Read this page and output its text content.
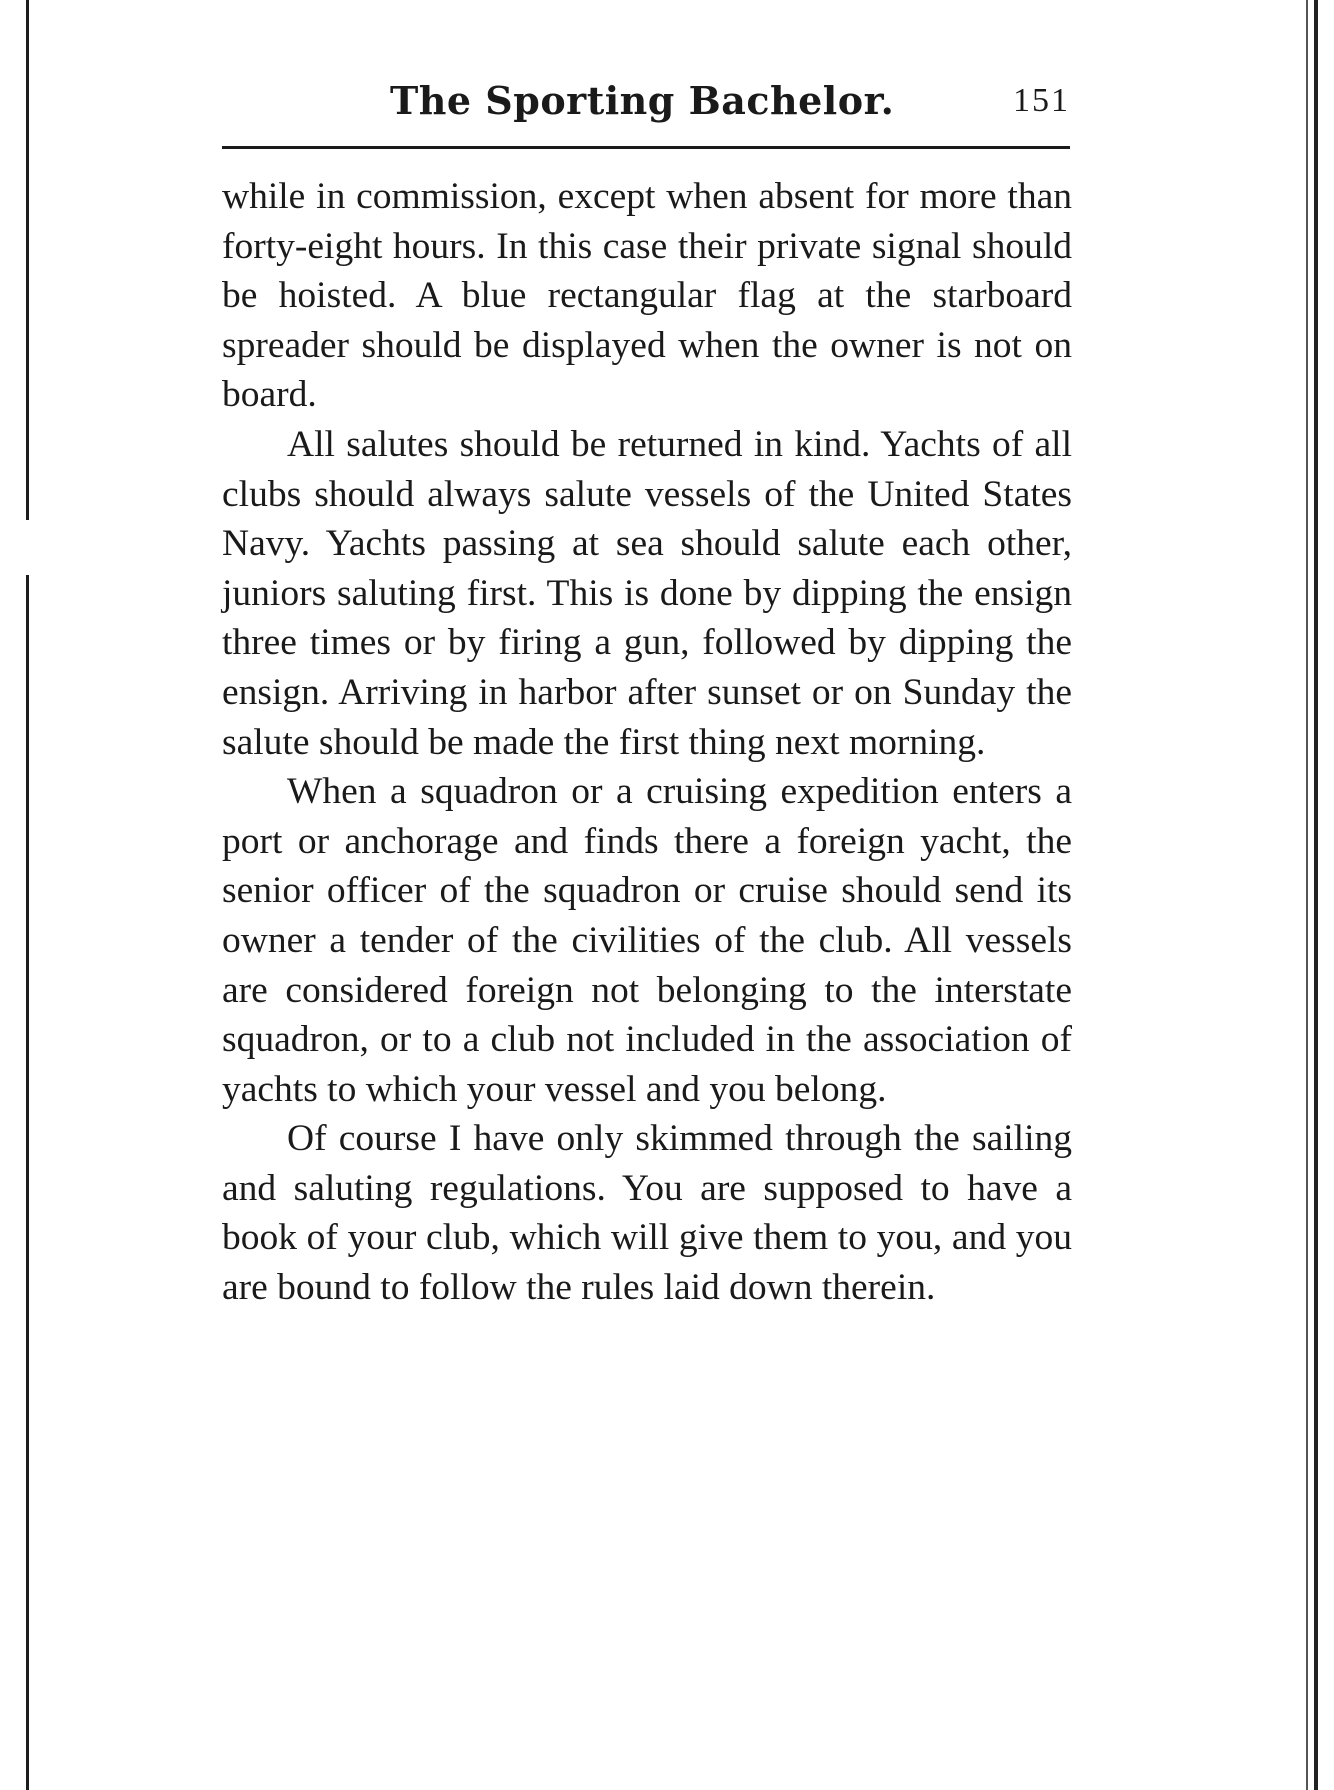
The Sporting Bachelor.	151

while in commission, except when absent for more than forty-eight hours. In this case their private signal should be hoisted. A blue rectangular flag at the starboard spreader should be displayed when the owner is not on board.

All salutes should be returned in kind. Yachts of all clubs should always salute vessels of the United States Navy. Yachts passing at sea should salute each other, juniors saluting first. This is done by dipping the ensign three times or by firing a gun, followed by dipping the ensign. Arriving in harbor after sunset or on Sunday the salute should be made the first thing next morning.

When a squadron or a cruising expedition enters a port or anchorage and finds there a foreign yacht, the senior officer of the squadron or cruise should send its owner a tender of the civilities of the club. All vessels are considered foreign not belonging to the interstate squadron, or to a club not included in the association of yachts to which your vessel and you belong.

Of course I have only skimmed through the sailing and saluting regulations. You are supposed to have a book of your club, which will give them to you, and you are bound to follow the rules laid down therein.
